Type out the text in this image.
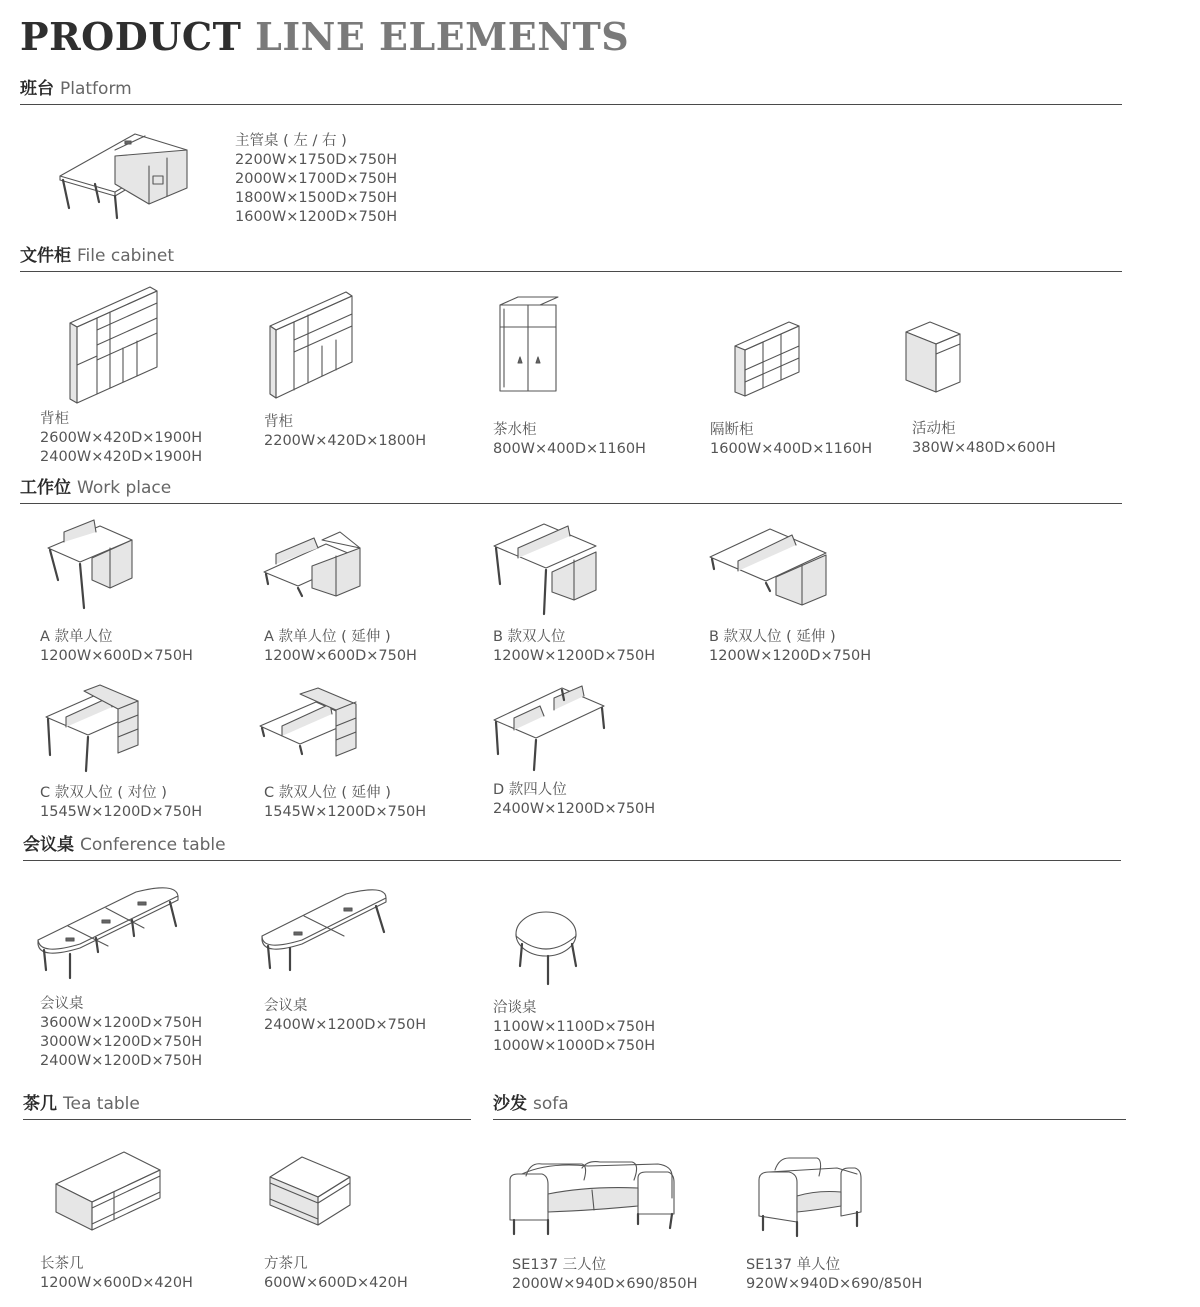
PRODUCT LINE ELEMENTS
班台 Platform
主管桌 ( 左 / 右 )
2200W×1750D×750H
2000W×1700D×750H
1800W×1500D×750H
1600W×1200D×750H
文件柜 File cabinet
背柜
2600W×420D×1900H
2400W×420D×1900H
背柜
2200W×420D×1800H
茶水柜
800W×400D×1160H
隔断柜
1600W×400D×1160H
活动柜
380W×480D×600H
工作位 Work place
A 款单人位
1200W×600D×750H
A 款单人位 ( 延伸 )
1200W×600D×750H
B 款双人位
1200W×1200D×750H
B 款双人位 ( 延伸 )
1200W×1200D×750H
C 款双人位 ( 对位 )
1545W×1200D×750H
C 款双人位 ( 延伸 )
1545W×1200D×750H
D 款四人位
2400W×1200D×750H
会议桌 Conference table
会议桌
3600W×1200D×750H
3000W×1200D×750H
2400W×1200D×750H
会议桌
2400W×1200D×750H
洽谈桌
1100W×1100D×750H
1000W×1000D×750H
茶几 Tea table
长茶几
1200W×600D×420H
方茶几
600W×600D×420H
沙发 sofa
SE137 三人位
2000W×940D×690/850H
SE137 单人位
920W×940D×690/850H
